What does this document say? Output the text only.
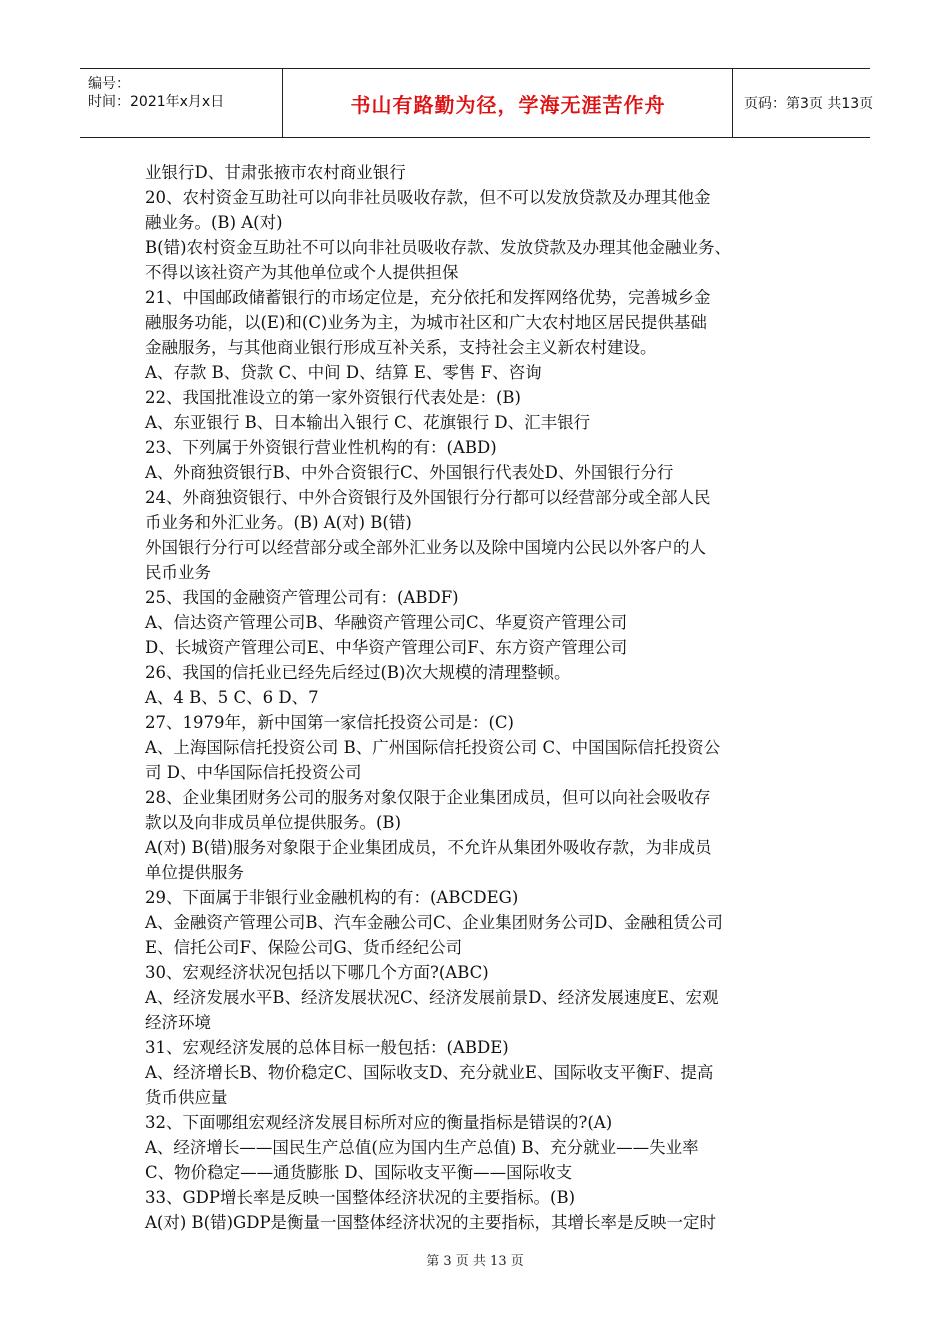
编号：
时间：2021年x月x日	书山有路勤为径，学海无涯苦作舟	页码：第3页 共13页
业银行D、甘肃张掖市农村商业银行
20、农村资金互助社可以向非社员吸收存款，但不可以发放贷款及办理其他金
融业务。(B) A(对)
B(错)农村资金互助社不可以向非社员吸收存款、发放贷款及办理其他金融业务、
不得以该社资产为其他单位或个人提供担保
21、中国邮政储蓄银行的市场定位是，充分依托和发挥网络优势，完善城乡金
融服务功能，以(E)和(C)业务为主，为城市社区和广大农村地区居民提供基础
金融服务，与其他商业银行形成互补关系，支持社会主义新农村建设。
A、存款 B、贷款 C、中间 D、结算 E、零售 F、咨询
22、我国批准设立的第一家外资银行代表处是：(B)
A、东亚银行 B、日本输出入银行 C、花旗银行 D、汇丰银行
23、下列属于外资银行营业性机构的有：(ABD)
A、外商独资银行B、中外合资银行C、外国银行代表处D、外国银行分行
24、外商独资银行、中外合资银行及外国银行分行都可以经营部分或全部人民
币业务和外汇业务。(B) A(对) B(错)
外国银行分行可以经营部分或全部外汇业务以及除中国境内公民以外客户的人
民币业务
25、我国的金融资产管理公司有：(ABDF)
A、信达资产管理公司B、华融资产管理公司C、华夏资产管理公司
D、长城资产管理公司E、中华资产管理公司F、东方资产管理公司
26、我国的信托业已经先后经过(B)次大规模的清理整顿。
A、4 B、5 C、6 D、7
27、1979年，新中国第一家信托投资公司是：(C)
A、上海国际信托投资公司 B、广州国际信托投资公司 C、中国国际信托投资公
司 D、中华国际信托投资公司
28、企业集团财务公司的服务对象仅限于企业集团成员，但可以向社会吸收存
款以及向非成员单位提供服务。(B)
A(对) B(错)服务对象限于企业集团成员，不允许从集团外吸收存款，为非成员
单位提供服务
29、下面属于非银行业金融机构的有：(ABCDEG)
A、金融资产管理公司B、汽车金融公司C、企业集团财务公司D、金融租赁公司
E、信托公司F、保险公司G、货币经纪公司
30、宏观经济状况包括以下哪几个方面?(ABC)
A、经济发展水平B、经济发展状况C、经济发展前景D、经济发展速度E、宏观
经济环境
31、宏观经济发展的总体目标一般包括：(ABDE)
A、经济增长B、物价稳定C、国际收支D、充分就业E、国际收支平衡F、提高
货币供应量
32、下面哪组宏观经济发展目标所对应的衡量指标是错误的?(A)
A、经济增长——国民生产总值(应为国内生产总值) B、充分就业——失业率
C、物价稳定——通货膨胀 D、国际收支平衡——国际收支
33、GDP增长率是反映一国整体经济状况的主要指标。(B)
A(对) B(错)GDP是衡量一国整体经济状况的主要指标，其增长率是反映一定时
第 3 页 共 13 页
